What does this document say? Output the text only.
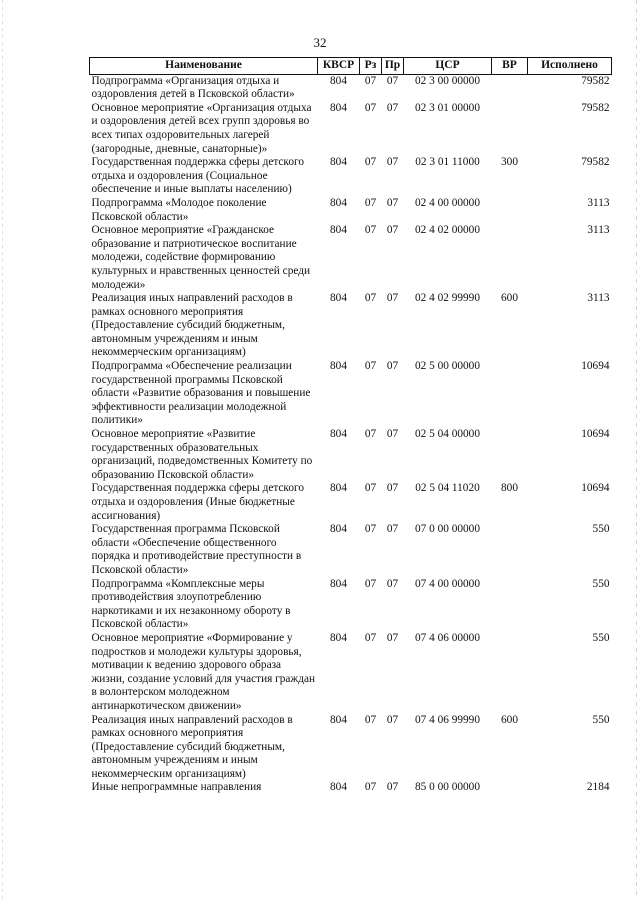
32
Наименование	КВСР	Рз	Пр	ЦСР	ВР	Исполнено
Подпрограмма «Организация отдыха и оздоровления детей в Псковской области»	804	07	07	02 3 00 00000		79582
Основное мероприятие «Организация отдыха и оздоровления детей всех групп здоровья во всех типах оздоровительных лагерей (загородные, дневные, санаторные)»	804	07	07	02 3 01 00000		79582
Государственная поддержка сферы детского отдыха и оздоровления (Социальное обеспечение и иные выплаты населению)	804	07	07	02 3 01 11000	300	79582
Подпрограмма «Молодое поколение Псковской области»	804	07	07	02 4 00 00000		3113
Основное мероприятие «Гражданское образование и патриотическое воспитание молодежи, содействие формированию культурных и нравственных ценностей среди молодежи»	804	07	07	02 4 02 00000		3113
Реализация иных направлений расходов в рамках основного мероприятия (Предоставление субсидий бюджетным, автономным учреждениям и иным некоммерческим организациям)	804	07	07	02 4 02 99990	600	3113
Подпрограмма «Обеспечение реализации государственной программы Псковской области «Развитие образования и повышение эффективности реализации молодежной политики»	804	07	07	02 5 00 00000		10694
Основное мероприятие «Развитие государственных образовательных организаций, подведомственных Комитету по образованию Псковской области»	804	07	07	02 5 04 00000		10694
Государственная поддержка сферы детского отдыха и оздоровления (Иные бюджетные ассигнования)	804	07	07	02 5 04 11020	800	10694
Государственная программа Псковской области «Обеспечение общественного порядка и противодействие преступности в Псковской области»	804	07	07	07 0 00 00000		550
Подпрограмма «Комплексные меры противодействия злоупотреблению наркотиками и их незаконному обороту в Псковской области»	804	07	07	07 4 00 00000		550
Основное мероприятие «Формирование у подростков и молодежи культуры здоровья, мотивации к ведению здорового образа жизни, создание условий для участия граждан в волонтерском молодежном антинаркотическом движении»	804	07	07	07 4 06 00000		550
Реализация иных направлений расходов в рамках основного мероприятия (Предоставление субсидий бюджетным, автономным учреждениям и иным некоммерческим организациям)	804	07	07	07 4 06 99990	600	550
Иные непрограммные направления	804	07	07	85 0 00 00000		2184
